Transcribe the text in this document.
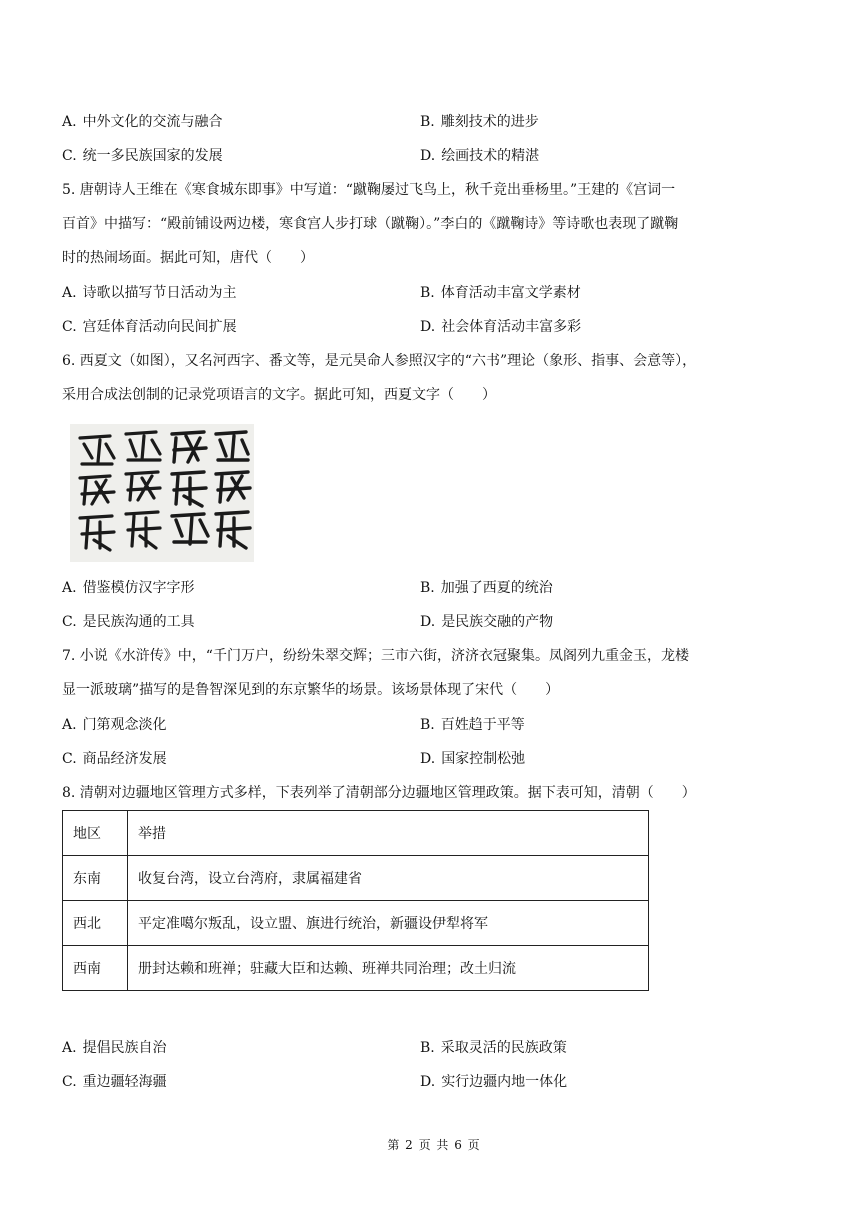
A. 中外文化的交流与融合	B. 雕刻技术的进步
C. 统一多民族国家的发展	D. 绘画技术的精湛
5. 唐朝诗人王维在《寒食城东即事》中写道：“蹴鞠屡过飞鸟上，秋千竞出垂杨里。”王建的《宫词一
百首》中描写：“殿前铺设两边楼，寒食宫人步打球（蹴鞠）。”李白的《蹴鞠诗》等诗歌也表现了蹴鞠
时的热闹场面。据此可知，唐代（　　）
A. 诗歌以描写节日活动为主	B. 体育活动丰富文学素材
C. 宫廷体育活动向民间扩展	D. 社会体育活动丰富多彩
6. 西夏文（如图），又名河西字、番文等，是元昊命人参照汉字的“六书”理论（象形、指事、会意等），
采用合成法创制的记录党项语言的文字。据此可知，西夏文字（　　）
A. 借鉴模仿汉字字形	B. 加强了西夏的统治
C. 是民族沟通的工具	D. 是民族交融的产物
7. 小说《水浒传》中，“千门万户，纷纷朱翠交辉；三市六街，济济衣冠聚集。凤阁列九重金玉，龙楼
显一派玻璃”描写的是鲁智深见到的东京繁华的场景。该场景体现了宋代（　　）
A. 门第观念淡化	B. 百姓趋于平等
C. 商品经济发展	D. 国家控制松弛
8. 清朝对边疆地区管理方式多样，下表列举了清朝部分边疆地区管理政策。据下表可知，清朝（　　）
地区	举措
东南	收复台湾，设立台湾府，隶属福建省
西北	平定准噶尔叛乱，设立盟、旗进行统治，新疆设伊犁将军
西南	册封达赖和班禅；驻藏大臣和达赖、班禅共同治理；改土归流
A. 提倡民族自治	B. 采取灵活的民族政策
C. 重边疆轻海疆	D. 实行边疆内地一体化
第 2 页 共 6 页
